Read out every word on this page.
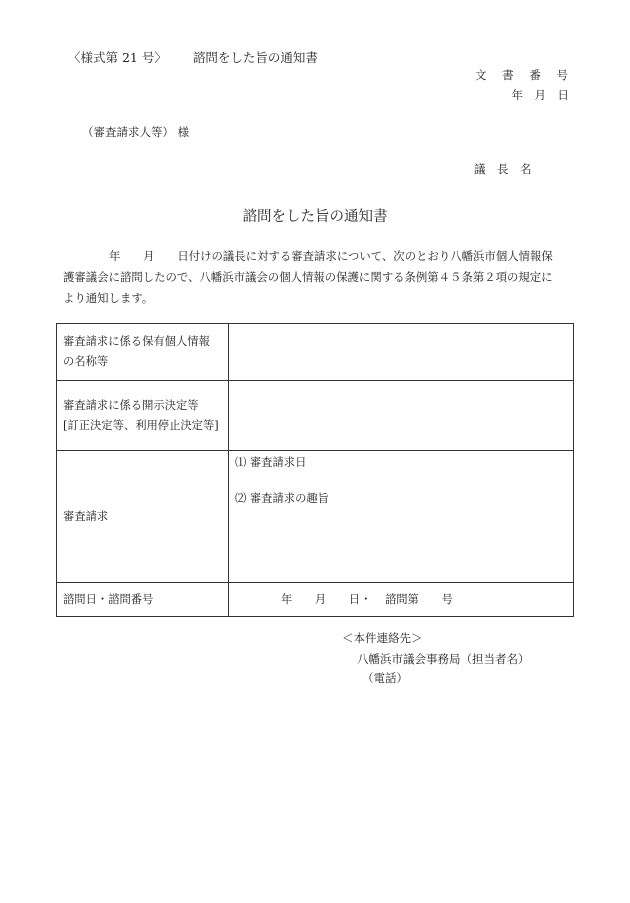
〈様式第 21 号〉 諮問をした旨の通知書
文 書 番 号
年　月　日
（審査請求人等） 様
議　長　名
諮問をした旨の通知書
年　　月　　日付けの議長に対する審査請求について、次のとおり八幡浜市個人情報保
護審議会に諮問したので、八幡浜市議会の個人情報の保護に関する条例第４５条第２項の規定に
より通知します。
審査請求に係る保有個人情報
の名称等	

審査請求に係る開示決定等
[訂正決定等、利用停止決定等]	

審査請求	⑴ 審査請求日
⑵ 審査請求の趣旨

諮問日・諮問番号	年　　月　　日・ 諮問第　　号
＜本件連絡先＞
八幡浜市議会事務局（担当者名）
（電話）
